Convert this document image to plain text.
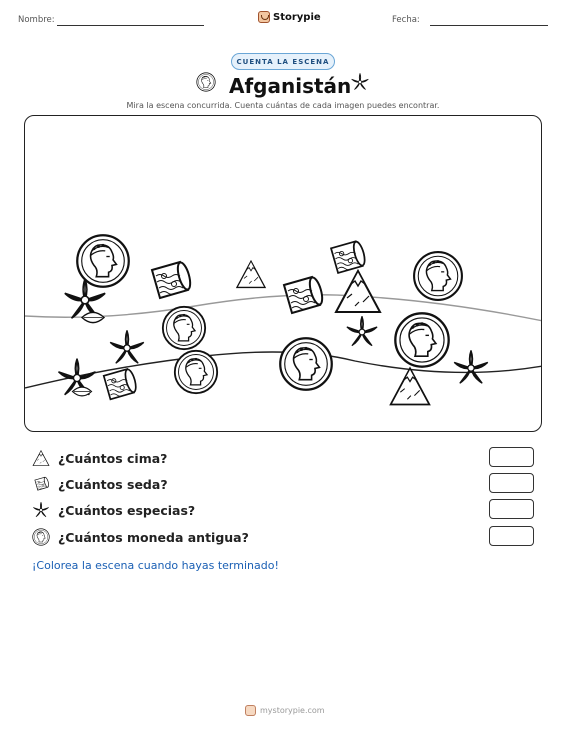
Nombre:	Storypie	Fecha:
CUENTA LA ESCENA
Afganistán
Mira la escena concurrida. Cuenta cuántas de cada imagen puedes encontrar.
¿Cuántos cima?
¿Cuántos seda?
¿Cuántos especias?
¿Cuántos moneda antigua?
¡Colorea la escena cuando hayas terminado!
mystorypie.com
